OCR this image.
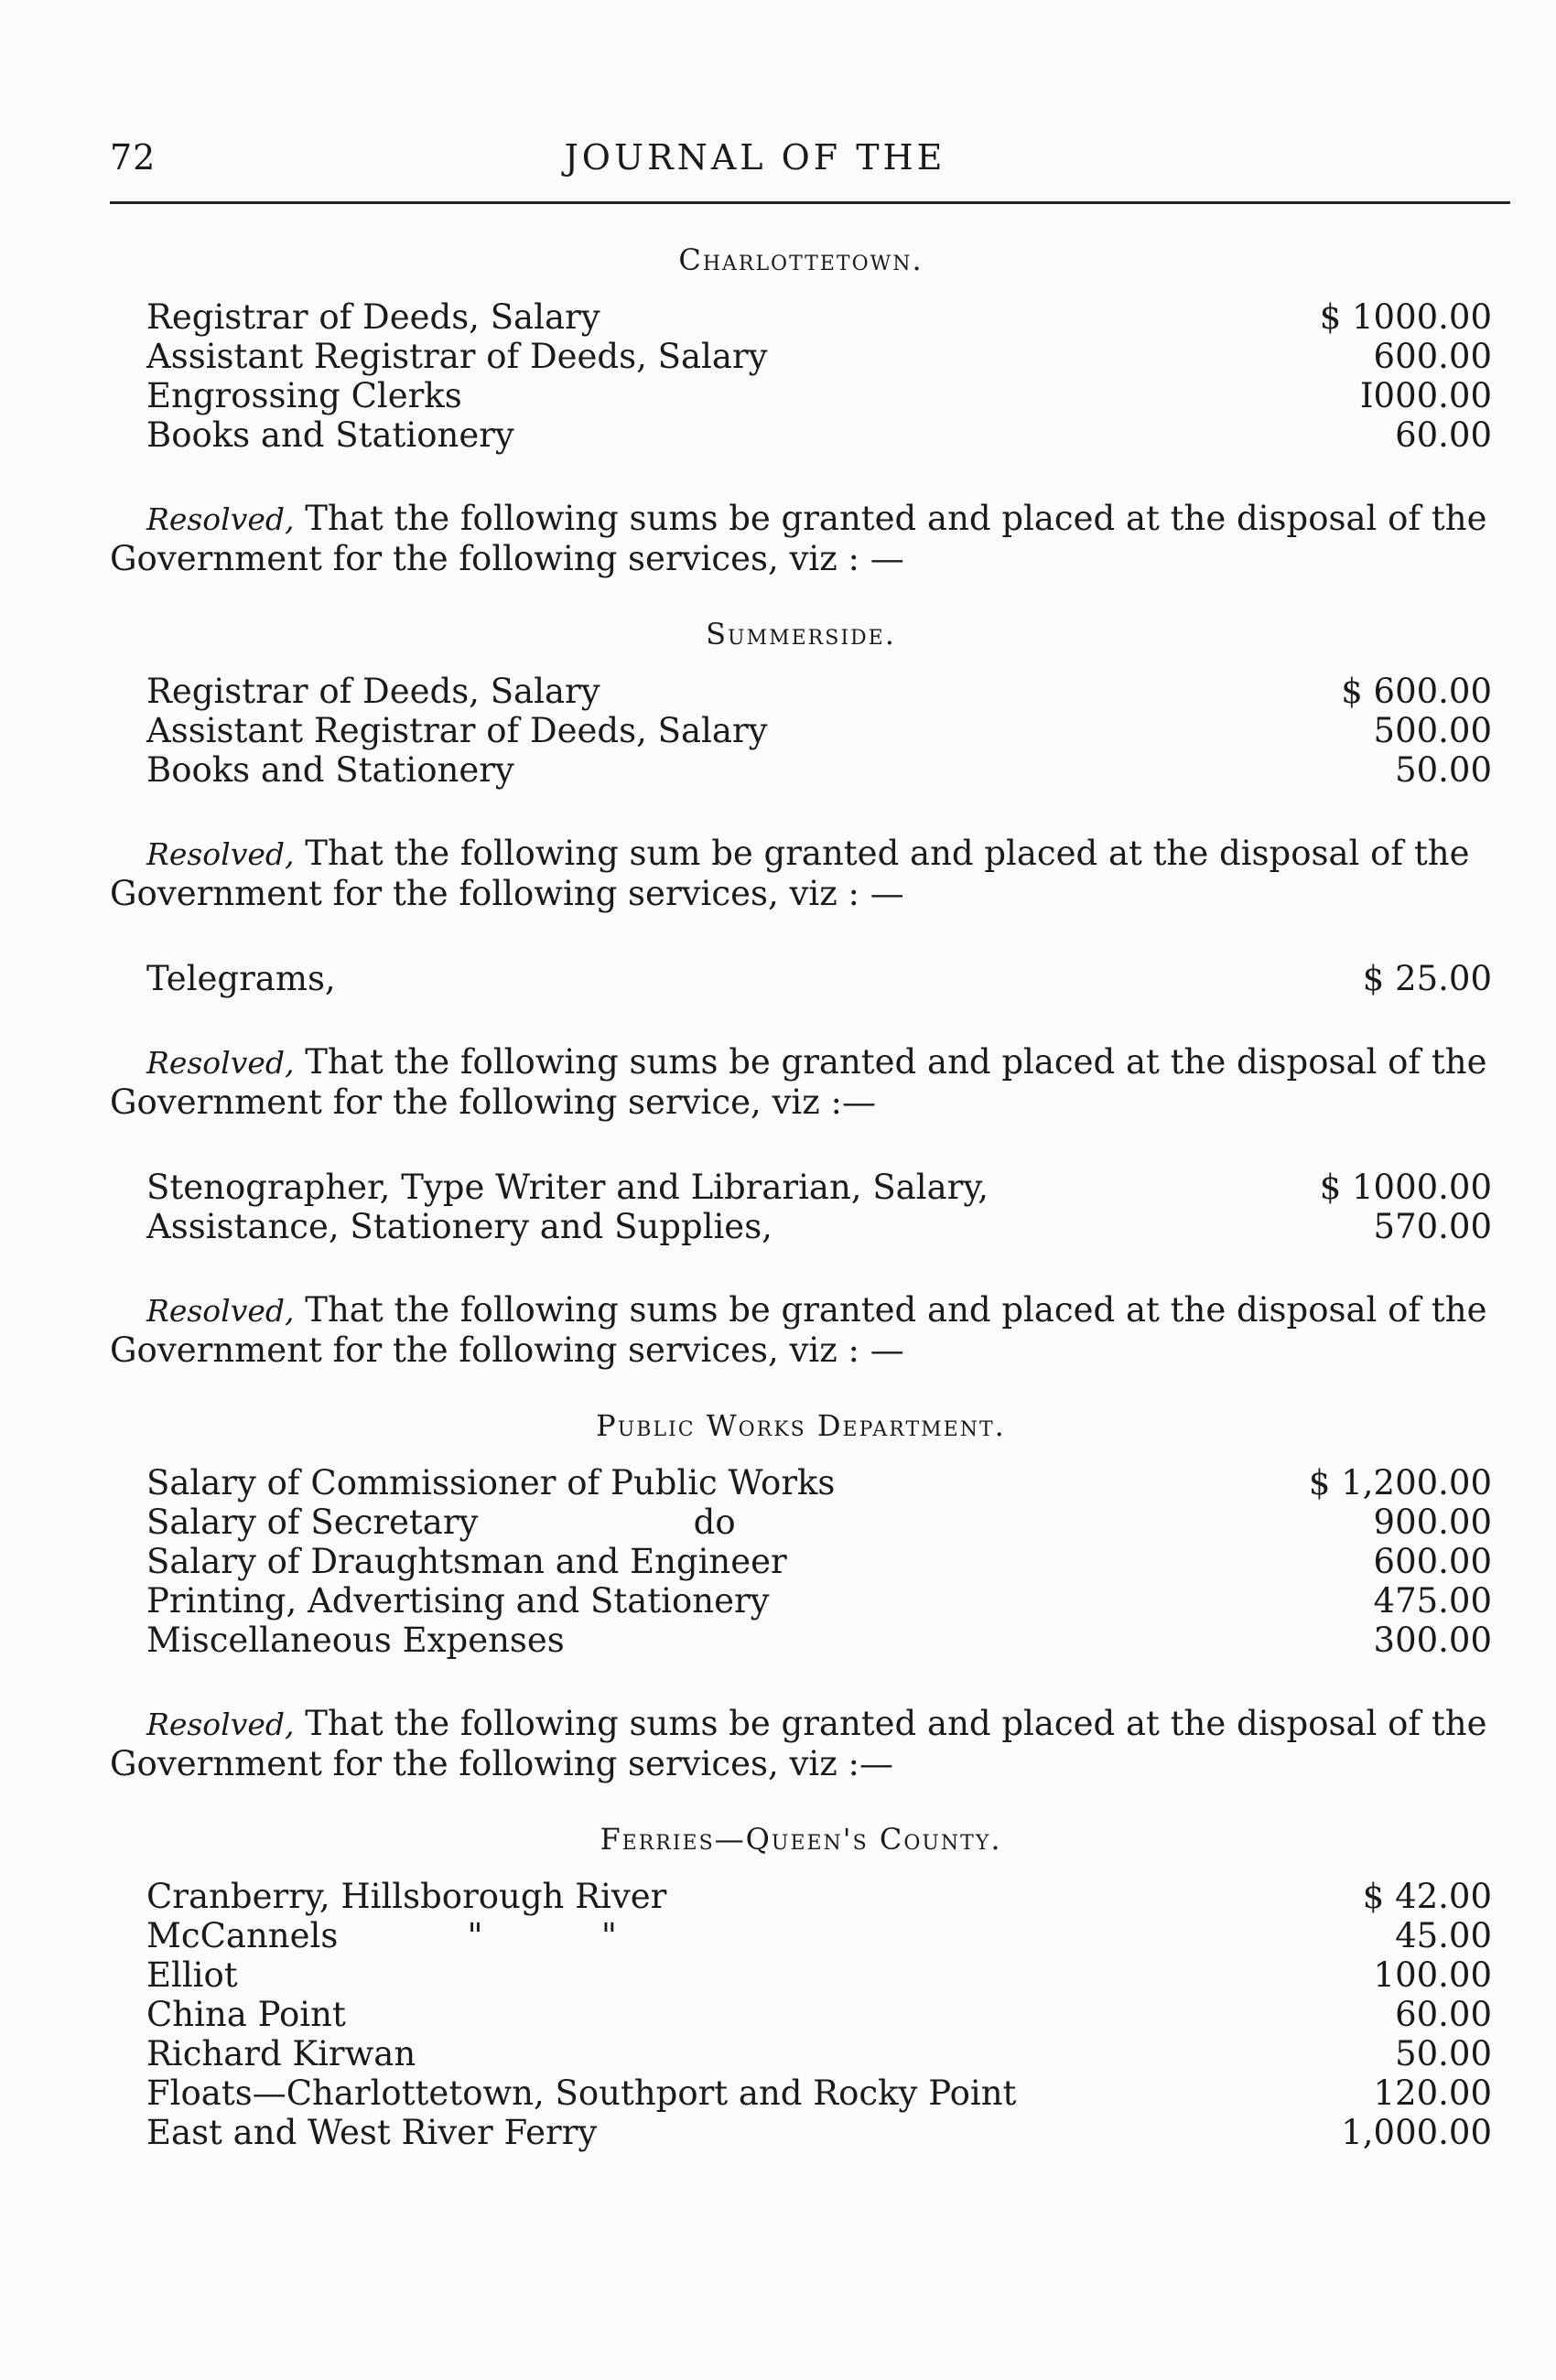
72	JOURNAL OF THE
Charlottetown.
Registrar of Deeds, Salary	$ 1000.00
Assistant Registrar of Deeds, Salary	600.00
Engrossing Clerks	I000.00
Books and Stationery	60.00

Resolved, That the following sums be granted and placed at the disposal of the Government for the following services, viz : —

Summerside.
Registrar of Deeds, Salary	$ 600.00
Assistant Registrar of Deeds, Salary	500.00
Books and Stationery	50.00

Resolved, That the following sum be granted and placed at the disposal of the Government for the following services, viz : —

Telegrams,	$ 25.00

Resolved, That the following sums be granted and placed at the disposal of the Government for the following service, viz :—

Stenographer, Type Writer and Librarian, Salary,	$ 1000.00
Assistance, Stationery and Supplies,	570.00

Resolved, That the following sums be granted and placed at the disposal of the Government for the following services, viz : —

Public Works Department.
Salary of Commissioner of Public Works	$ 1,200.00
Salary of Secretary                    do	900.00
Salary of Draughtsman and Engineer	600.00
Printing, Advertising and Stationery	475.00
Miscellaneous Expenses	300.00

Resolved, That the following sums be granted and placed at the disposal of the Government for the following services, viz :—

Ferries—Queen's County.
Cranberry, Hillsborough River	$ 42.00
McCannels            "           "	45.00
Elliot	100.00
China Point	60.00
Richard Kirwan	50.00
Floats—Charlottetown, Southport and Rocky Point	120.00
East and West River Ferry	1,000.00
